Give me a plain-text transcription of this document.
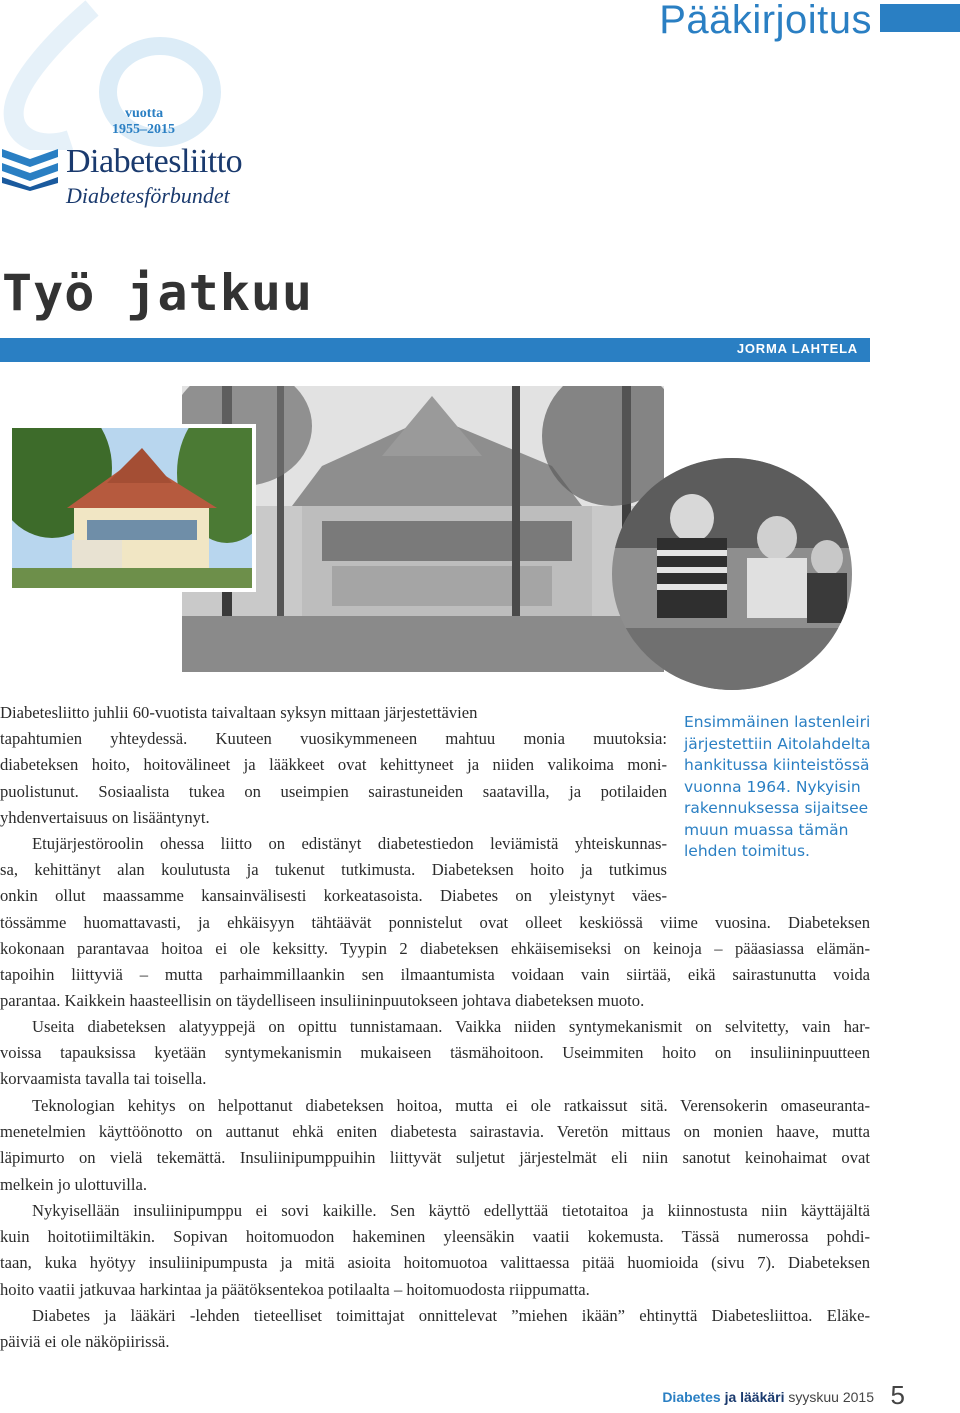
Pääkirjoitus
vuotta
1955–2015
Diabetesliitto
Diabetesförbundet
Työ jatkuu
JORMA LAHTELA
Ensimmäinen lastenleiri
järjestettiin Aitolahdelta
hankitussa kiinteistössä
vuonna 1964. Nykyisin
rakennuksessa sijaitsee
muun muassa tämän
lehden toimitus.
Diabetesliitto juhlii 60-vuotista taivaltaan syksyn mittaan järjestettävien
tapahtumien yhteydessä. Kuuteen vuosikymmeneen mahtuu monia muutoksia:
diabeteksen hoito, hoitovälineet ja lääkkeet ovat kehittyneet ja niiden valikoima moni-
puolistunut. Sosiaalista tukea on useimpien sairastuneiden saatavilla, ja potilaiden
yhdenvertaisuus on lisääntynyt.
Etujärjestöroolin ohessa liitto on edistänyt diabetestiedon leviämistä yhteiskunnas-
sa, kehittänyt alan koulutusta ja tukenut tutkimusta. Diabeteksen hoito ja tutkimus
onkin ollut maassamme kansainvälisesti korkeatasoista. Diabetes on yleistynyt väes-
tössämme huomattavasti, ja ehkäisyyn tähtäävät ponnistelut ovat olleet keskiössä viime vuosina. Diabeteksen
kokonaan parantavaa hoitoa ei ole keksitty. Tyypin 2 diabeteksen ehkäisemiseksi on keinoja – pääasiassa elämän-
tapoihin liittyviä – mutta parhaimmillaankin sen ilmaantumista voidaan vain siirtää, eikä sairastunutta voida
parantaa. Kaikkein haasteellisin on täydelliseen insuliininpuutokseen johtava diabeteksen muoto.
Useita diabeteksen alatyyppejä on opittu tunnistamaan. Vaikka niiden syntymekanismit on selvitetty, vain har-
voissa tapauksissa kyetään syntymekanismin mukaiseen täsmähoitoon. Useimmiten hoito on insuliininpuutteen
korvaamista tavalla tai toisella.
Teknologian kehitys on helpottanut diabeteksen hoitoa, mutta ei ole ratkaissut sitä. Verensokerin omaseuranta-
menetelmien käyttöönotto on auttanut ehkä eniten diabetesta sairastavia. Veretön mittaus on monien haave, mutta
läpimurto on vielä tekemättä. Insuliinipumppuihin liittyvät suljetut järjestelmät eli niin sanotut keinohaimat ovat
melkein jo ulottuvilla.
Nykyisellään insuliinipumppu ei sovi kaikille. Sen käyttö edellyttää tietotaitoa ja kiinnostusta niin käyttäjältä
kuin hoitotiimiltäkin. Sopivan hoitomuodon hakeminen yleensäkin vaatii kokemusta. Tässä numerossa pohdi-
taan, kuka hyötyy insuliinipumpusta ja mitä asioita hoitomuotoa valittaessa pitää huomioida (sivu 7). Diabeteksen
hoito vaatii jatkuvaa harkintaa ja päätöksentekoa potilaalta – hoitomuodosta riippumatta.
Diabetes ja lääkäri -lehden tieteelliset toimittajat onnittelevat ”miehen ikään” ehtinyttä Diabetesliittoa. Eläke-
päiviä ei ole näköpiirissä.
Diabetes ja lääkäri syyskuu 2015 5
